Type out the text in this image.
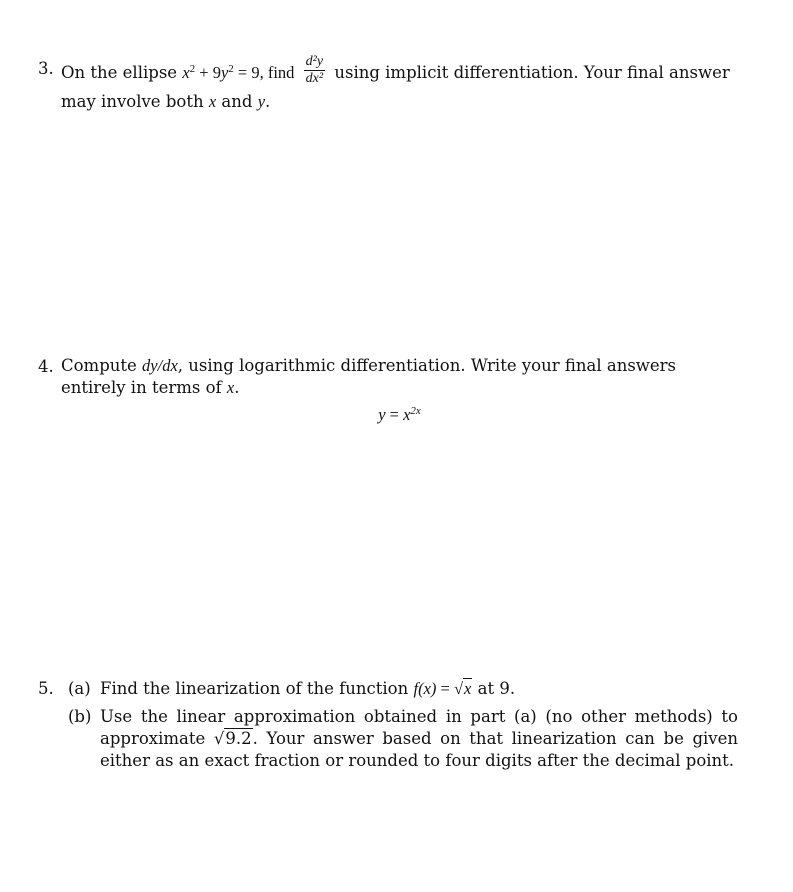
3. On the ellipse $x^2 + 9y^2 = 9$, find $\frac{\text{d²y}}{\text{dx²}}$ using implicit differentiation. Your final answer may involve both x and y.
4. Compute dy/dx, using logarithmic differentiation. Write your final answers entirely in terms of x.
$y = x^{2x}$
5. (a) Find the linearization of the function f(x) = √x at 9.
(b) Use the linear approximation obtained in part (a) (no other methods) to approximate √9.2. Your answer based on that linearization can be given either as an exact fraction or rounded to four digits after the decimal point.
